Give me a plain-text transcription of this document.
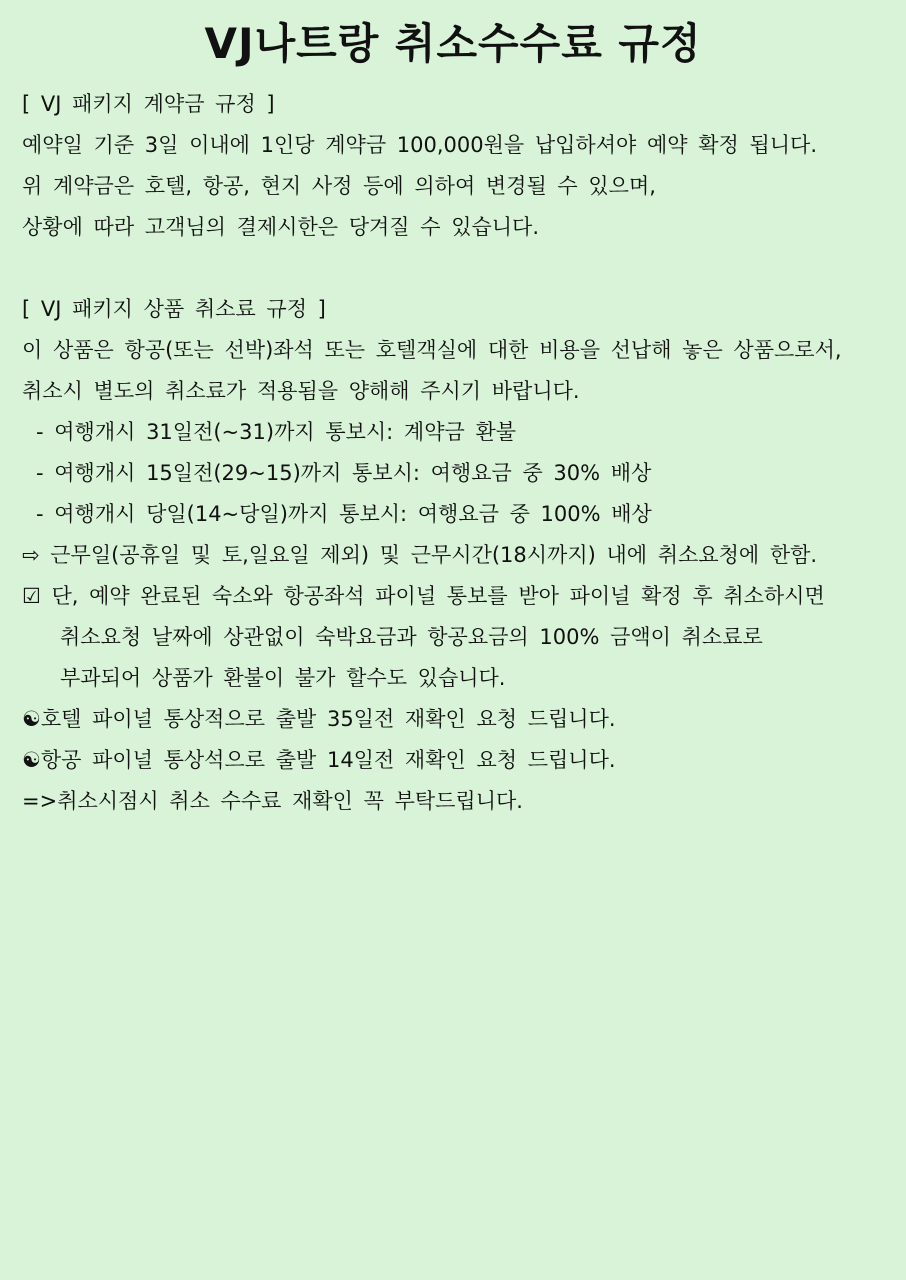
VJ나트랑 취소수수료 규정
[ VJ 패키지 계약금 규정 ]
예약일 기준 3일 이내에 1인당 계약금 100,000원을 납입하셔야 예약 확정 됩니다.
위 계약금은 호텔, 항공, 현지 사정 등에 의하여 변경될 수 있으며,
상황에 따라 고객님의 결제시한은 당겨질 수 있습니다.
[ VJ 패키지 상품 취소료 규정 ]
이 상품은 항공(또는 선박)좌석 또는 호텔객실에 대한 비용을 선납해 놓은 상품으로서,
취소시 별도의 취소료가 적용됨을 양해해 주시기 바랍니다.
- 여행개시 31일전(~31)까지 통보시: 계약금 환불
- 여행개시 15일전(29~15)까지 통보시: 여행요금 중 30% 배상
- 여행개시 당일(14~당일)까지 통보시: 여행요금 중 100% 배상
⇨ 근무일(공휴일 및 토,일요일 제외) 및 근무시간(18시까지) 내에 취소요청에 한함.
☑ 단, 예약 완료된 숙소와 항공좌석 파이널 통보를 받아 파이널 확정 후 취소하시면
취소요청 날짜에 상관없이 숙박요금과 항공요금의 100% 금액이 취소료로
부과되어 상품가 환불이 불가 할수도 있습니다.
☯호텔 파이널 통상적으로 출발 35일전 재확인 요청 드립니다.
☯항공 파이널 통상석으로 출발 14일전 재확인 요청 드립니다.
=>취소시점시 취소 수수료 재확인 꼭 부탁드립니다.
